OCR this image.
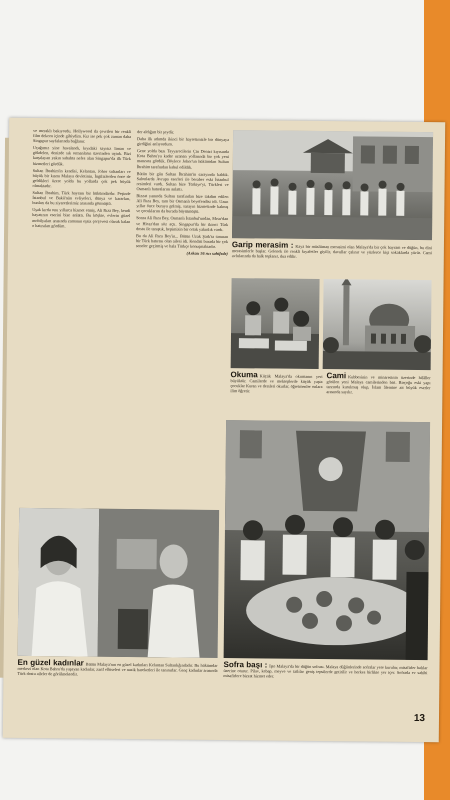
ve meraklı bakıyordu. Hollywood da çevrilen bir renkli film dekoru içinde gibiydim. Kız ise pek çok zaman daha Singapur sayfalarında bağlanır.

Uçağımız yine havalandı, kıyıdaki sayısız liman ve gökdelen, denizde sık ormanların üzerinden uçtuk. Bizi karşılayan yakın sabahta nefes alan Singapur'da ilk Türk hizmetleri gördük.

Sultan İbrahim'in kendisi, Kelantan, Johor sultanları ve büyük bir kısmı Malaya devletinin, İngilizlerden önce de geldikleri üzere yolda bu yollarda çok pek büyük olmaktadır.

Sultan İbrahim, Türk hayranı bir hükümdardır. Peşinde İstanbul ve Bakü'nün evliyeleri, dünya ve kararları, bunları da bu ziyaretlerimiz arasında görmüştü.

Uşak kırda onu yıllarca hizmet etmiş, Ali Rıza Bey, kendi hayatının eserini bize anlattı. Bu köşkte, evlerin güzel mobilyaları arasında zamanın eşsiz çerçevesi olarak kalan o hatıraları gördüm.

der aldığım bir şeydir.

Daha ilk adımda ikinci bir hayretimizle bir dünyaya girdiğini anlıyordum.

Gene yolda bazı Tayyarecilerin Çin Denizi kıyısında Kota Bahru'ya kadar uzanan yollarında bir çok yeni manzara gördük. Böylece Johor'un hükümdarı Sultan İbrahim tarafından kabul edildik.

Bütün bir gün Sultan İbrahim'in sarayında kaldık. Salonlarda Avrupa eserleri ile beraber eski İstanbul resimleri vardı. Sultan bize Türkiye'yi, Türkleri ve Osmanlı hatıralarını anlattı.

Bizzat yanında Sultan tarafından bize takdim edilen Ali Rıza Bey, tam bir Osmanlı beyefendisi idi. Uzun yıllar önce buraya gelmiş, sarayın hizmetinde kalmış ve çocuklarını da burada büyütmüştü.

Sonra Ali Rıza Bey, Osmanlı İstanbul'undan, Mısır'dan ve Hicaz'dan söz açtı. Singapur'da bir ikinci Türk dostu ile tanıştık, hepimizin bir ortak yakınlık vardı.

Bu da Ali Rıza Bey'in... Bütün Uzak Şark'ta tanınan bir Türk hatırası olan ailesi idi. Kendisi burada bir çok seneler geçirmiş ve hala Türkçe konuşmaktadır.

(Arkası 56 ncı sahifede)

Garip merasim : Kaya bir müslüman merasimi olan Malaya'da bir çok bayram ve düğün, bu dini merasimlerle başlar. Gelenek ile renkli kıyafetler giyilir, davullar çalınır ve yüzlerce kişi sokaklarda yürür. Cami avlularında da halk toplanır, dua edilir.
Okuma Küçük Malaya'da okumanın yeri büyüktür. Camilerde ve mekteplerde küçük yaşta çocuklar Kuran ve dersleri okurlar, öğretmenler onlara ilim öğretir.
Cami Kubbesinin ve minaresinin üzerinde hilâller görülen yeni Malaya camilerinden biri. Birçoğu eski yapı tarzında kurulmuş olup, İslam âlemine ait büyük eserler arasında sayılır.
En güzel kadınlar Bütün Malaya'nın en güzel kadınları Kelantan Sultanlığındadır. Bu hükümdar merkezi olan Kota Bahru'da yaşayan kadınlar, zarif elbiseleri ve nazik hareketleri ile tanınırlar. Genç kadınlar arasında Türk dostu aileler de görülmektedir.
Sofra başı : İşte Malaya'da bir düğün sofrası. Malaya düğünlerinde sofralar yere kurulur, misafirler halılar üzerine oturur. Pilav, kebap, meyve ve tatlılar geniş tepsilerde getirilir ve herkes birlikte yer içer. Sofrada ev sahibi misafirlere bizzat hizmet eder.
13
